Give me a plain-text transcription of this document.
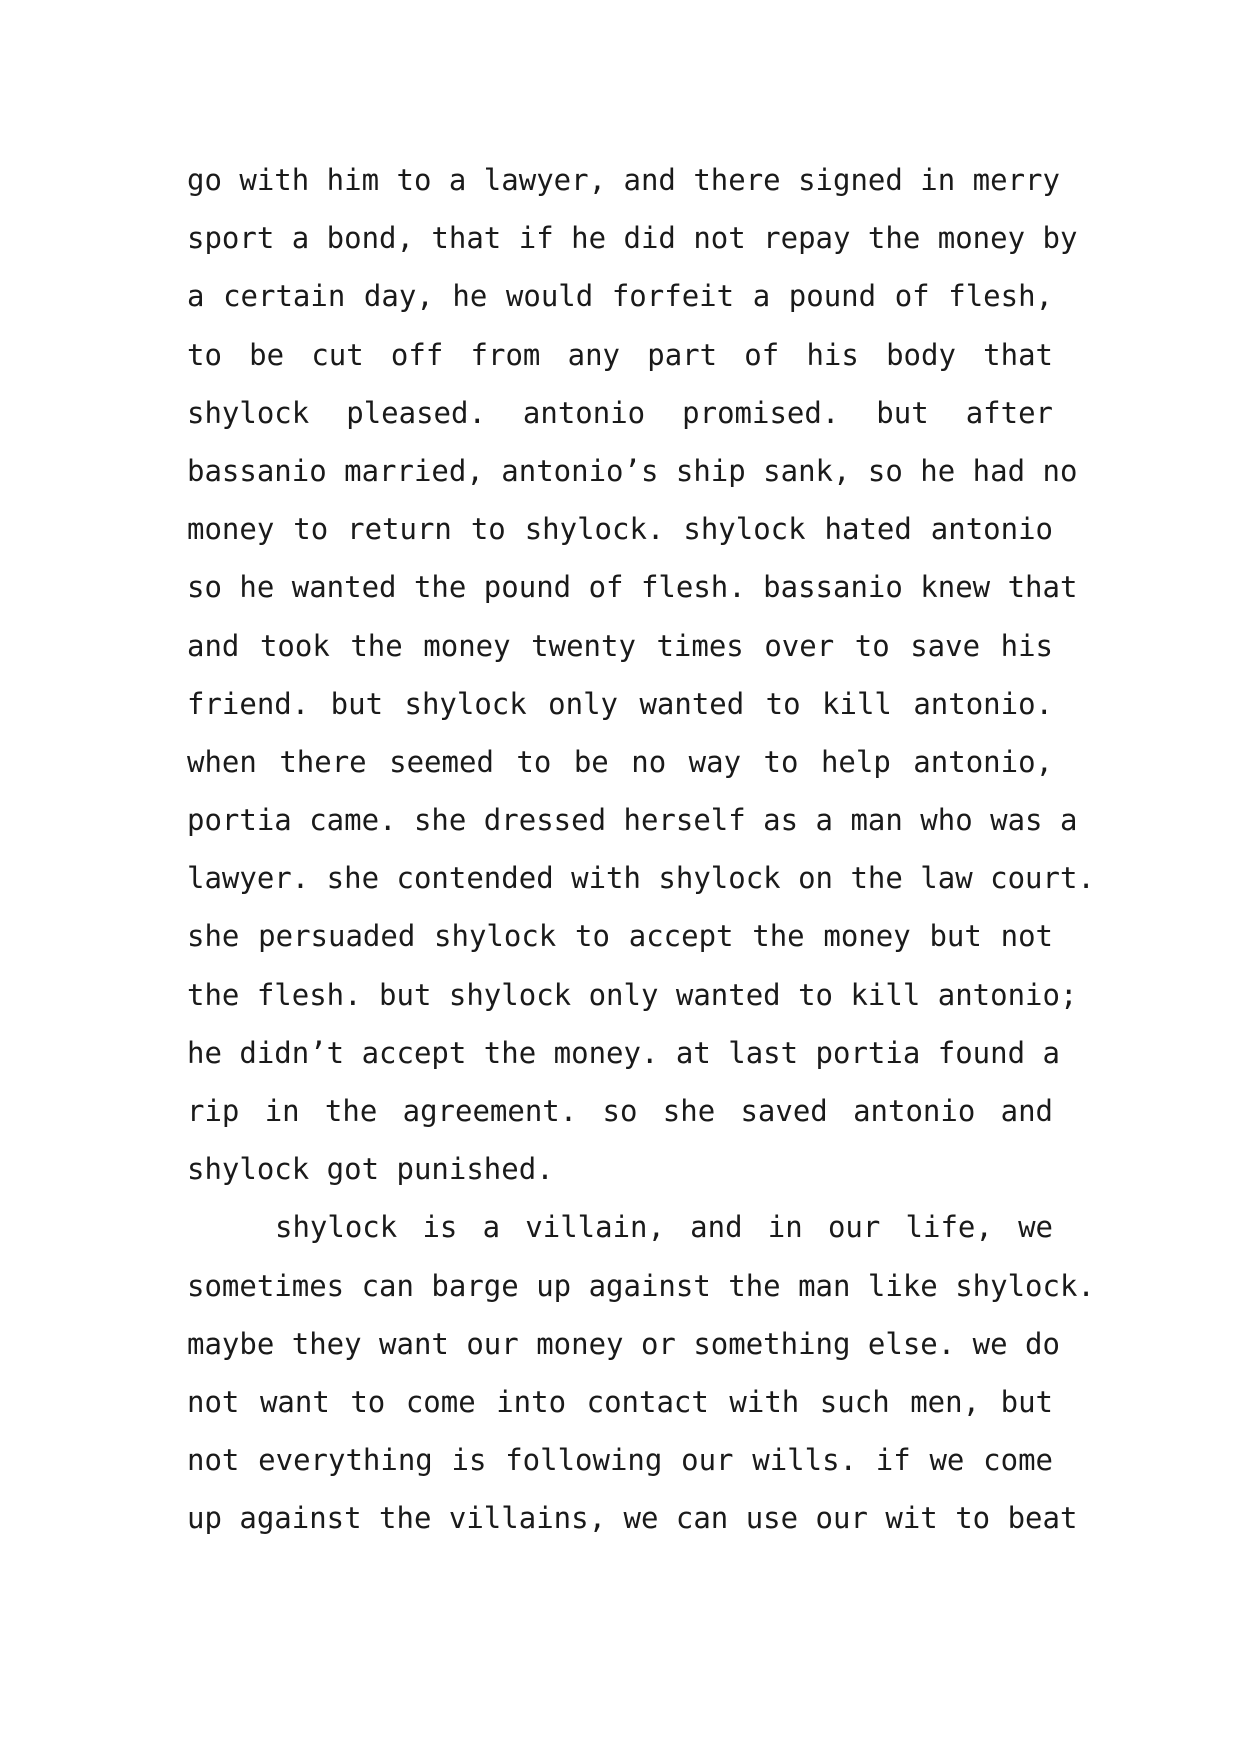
go with him to a lawyer, and there signed in merry
sport a bond, that if he did not repay the money by
a certain day, he would forfeit a pound of flesh,
to be cut off from any part of his body that
shylock pleased. antonio promised. but after
bassanio married, antonio’s ship sank, so he had no
money to return to shylock. shylock hated antonio
so he wanted the pound of flesh. bassanio knew that
and took the money twenty times over to save his
friend. but shylock only wanted to kill antonio.
when there seemed to be no way to help antonio,
portia came. she dressed herself as a man who was a
lawyer. she contended with shylock on the law court.
she persuaded shylock to accept the money but not
the flesh. but shylock only wanted to kill antonio;
he didn’t accept the money. at last portia found a
rip in the agreement. so she saved antonio and
shylock got punished.
shylock is a villain, and in our life, we
sometimes can barge up against the man like shylock.
maybe they want our money or something else. we do
not want to come into contact with such men, but
not everything is following our wills. if we come
up against the villains, we can use our wit to beat
